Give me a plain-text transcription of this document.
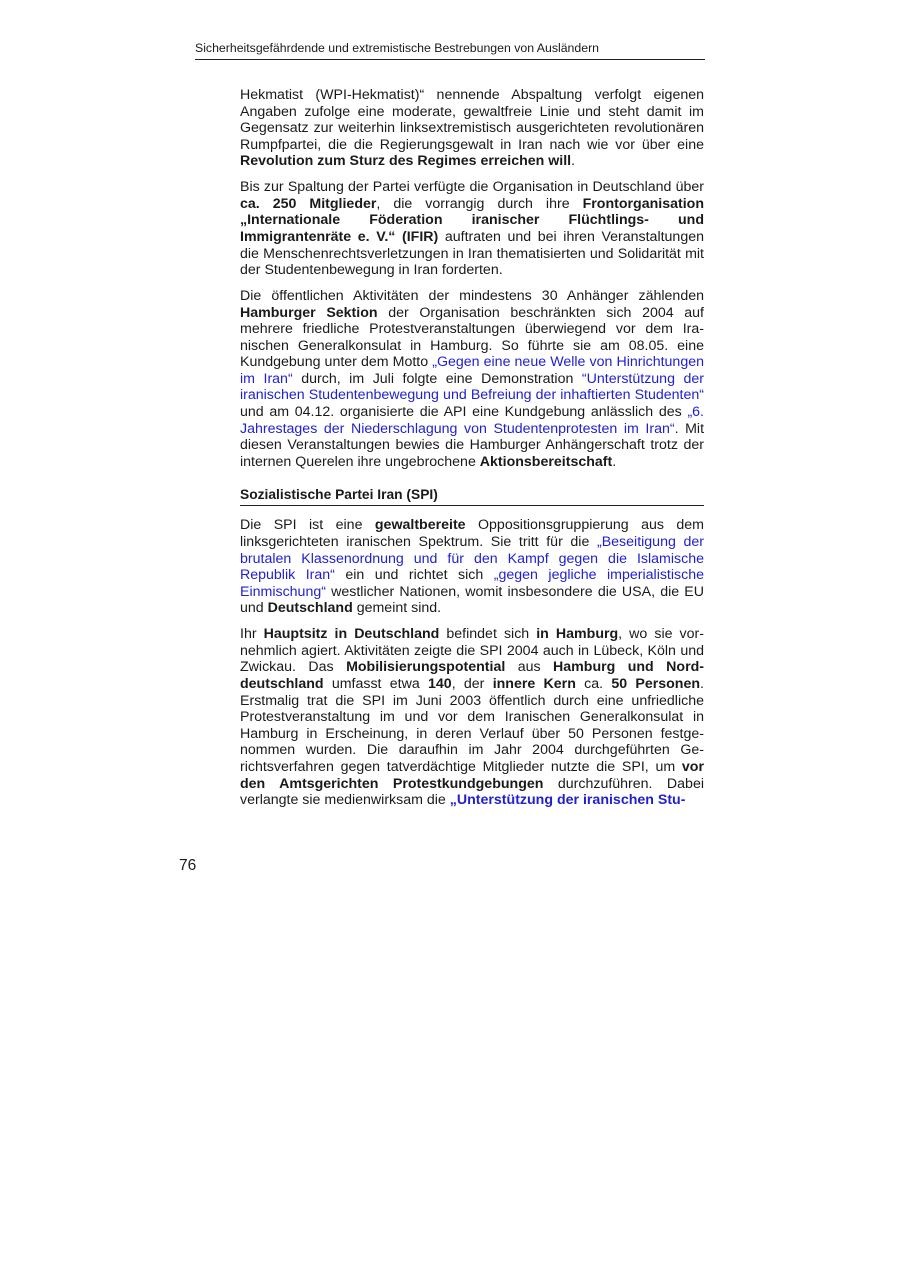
Sicherheitsgefährdende und extremistische Bestrebungen von Ausländern

Hekmatist (WPI-Hekmatist)“ nennende Abspaltung verfolgt eigenen Angaben zufolge eine moderate, gewaltfreie Linie und steht damit im Gegensatz zur weiterhin linksextremistisch ausgerichteten revolutionären Rumpfpartei, die die Regierungsgewalt in Iran nach wie vor über eine Revolution zum Sturz des Regimes erreichen will.

Bis zur Spaltung der Partei verfügte die Organisation in Deutschland über ca. 250 Mitglieder, die vorrangig durch ihre Frontorganisation „Internationale Föderation iranischer Flüchtlings- und Immigrantenräte e. V.“ (IFIR) auftraten und bei ihren Veranstaltungen die Menschenrechtsverletzungen in Iran thematisierten und Solidarität mit der Studentenbewegung in Iran forderten.

Die öffentlichen Aktivitäten der mindestens 30 Anhänger zählenden Hamburger Sektion der Organisation beschränkten sich 2004 auf mehrere friedliche Protestveranstaltungen überwiegend vor dem Iranischen Generalkonsulat in Hamburg. So führte sie am 08.05. eine Kundgebung unter dem Motto „Gegen eine neue Welle von Hinrichtungen im Iran“ durch, im Juli folgte eine Demonstration “Unterstützung der iranischen Studentenbewegung und Befreiung der inhaftierten Studenten“ und am 04.12. organisierte die API eine Kundgebung anlässlich des „6. Jahrestages der Niederschlagung von Studentenprotesten im Iran“. Mit diesen Veranstaltungen bewies die Hamburger Anhängerschaft trotz der internen Querelen ihre ungebrochene Aktionsbereitschaft.

Sozialistische Partei Iran (SPI)

Die SPI ist eine gewaltbereite Oppositionsgruppierung aus dem linksgerichteten iranischen Spektrum. Sie tritt für die „Beseitigung der brutalen Klassenordnung und für den Kampf gegen die Islamische Republik Iran“ ein und richtet sich „gegen jegliche imperialistische Einmischung“ westlicher Nationen, womit insbesondere die USA, die EU und Deutschland gemeint sind.

Ihr Hauptsitz in Deutschland befindet sich in Hamburg, wo sie vornehmlich agiert. Aktivitäten zeigte die SPI 2004 auch in Lübeck, Köln und Zwickau. Das Mobilisierungspotential aus Hamburg und Norddeutschland umfasst etwa 140, der innere Kern ca. 50 Personen. Erstmalig trat die SPI im Juni 2003 öffentlich durch eine unfriedliche Protestveranstaltung im und vor dem Iranischen Generalkonsulat in Hamburg in Erscheinung, in deren Verlauf über 50 Personen festgenommen wurden. Die daraufhin im Jahr 2004 durchgeführten Gerichtsverfahren gegen tatverdächtige Mitglieder nutzte die SPI, um vor den Amtsgerichten Protestkundgebungen durchzuführen. Dabei verlangte sie medienwirksam die „Unterstützung der iranischen Stu-

76
